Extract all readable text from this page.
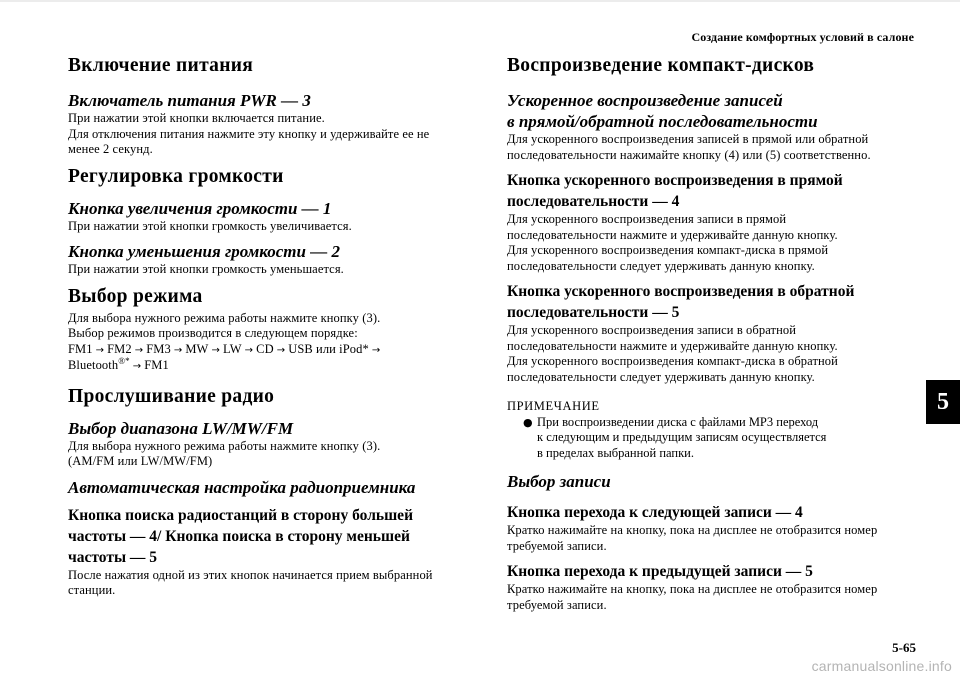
Создание комфортных условий в салоне
Включение питания
Включатель питания PWR — 3
При нажатии этой кнопки включается питание.
Для отключения питания нажмите эту кнопку и удерживайте ее не
менее 2 секунд.
Регулировка громкости
Кнопка увеличения громкости — 1
При нажатии этой кнопки громкость увеличивается.
Кнопка уменьшения громкости — 2
При нажатии этой кнопки громкость уменьшается.
Выбор режима
Для выбора нужного режима работы нажмите кнопку (3).
Выбор режимов производится в следующем порядке:
FM1 → FM2 → FM3 → MW → LW → CD → USB или iPod* →
Bluetooth®*→ FM1
Прослушивание радио
Выбор диапазона LW/MW/FM
Для выбора нужного режима работы нажмите кнопку (3).
(AM/FM или LW/MW/FM)
Автоматическая настройка радиоприемника
Кнопка поиска радиостанций в сторону большей
частоты — 4/ Кнопка поиска в сторону меньшей
частоты — 5
После нажатия одной из этих кнопок начинается прием выбранной
станции.
Воспроизведение компакт-дисков
Ускоренное воспроизведение записей
в прямой/обратной последовательности
Для ускоренного воспроизведения записей в прямой или обратной
последовательности нажимайте кнопку (4) или (5) соответственно.
Кнопка ускоренного воспроизведения в прямой
последовательности — 4
Для ускоренного воспроизведения записи в прямой
последовательности нажмите и удерживайте данную кнопку.
Для ускоренного воспроизведения компакт-диска в прямой
последовательности следует удерживать данную кнопку.
Кнопка ускоренного воспроизведения в обратной
последовательности — 5
Для ускоренного воспроизведения записи в обратной
последовательности нажмите и удерживайте данную кнопку.
Для ускоренного воспроизведения компакт-диска в обратной
последовательности следует удерживать данную кнопку.
ПРИМЕЧАНИЕ
● При воспроизведении диска с файлами MP3 переход
к следующим и предыдущим записям осуществляется
в пределах выбранной папки.
Выбор записи
Кнопка перехода к следующей записи — 4
Кратко нажимайте на кнопку, пока на дисплее не отобразится номер
требуемой записи.
Кнопка перехода к предыдущей записи — 5
Кратко нажимайте на кнопку, пока на дисплее не отобразится номер
требуемой записи.
5
5-65
carmanualsonline.info
